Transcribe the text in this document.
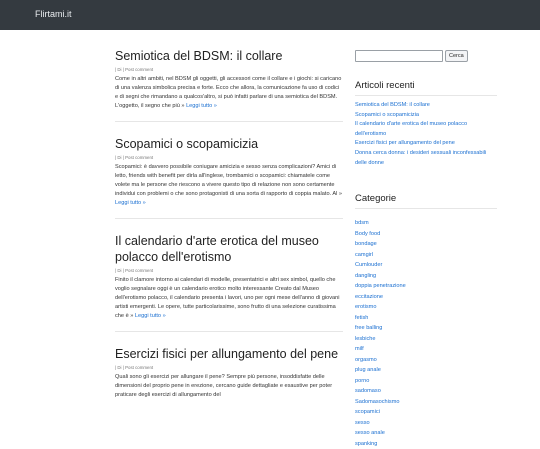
Flirtami.it
Semiotica del BDSM: il collare
| Di | Post comment

Come in altri ambiti, nel BDSM gli oggetti, gli accessori come il collare e i giochi: si caricano di una valenza simbolica precisa e forte. Ecco che allora, la comunicazione fa uso di codici e di segni che rimandano a qualcos'altro, si può infatti parlare di una semiotica del BDSM. L'oggetto, il segno che più » Leggi tutto »

Scopamici o scopamicizia
| Di | Post comment

Scopamici: è davvero possibile coniugare amicizia e sesso senza complicazioni? Amici di letto, friends with benefit per dirla all'inglese, trombamici o scopamici: chiamatele come volete ma le persone che riescono a vivere questo tipo di relazione non sono certamente individui con problemi o che sono protagonisti di una sorta di rapporto di coppia malato. Al » Leggi tutto »

Il calendario d'arte erotica del museo polacco dell'erotismo
| Di | Post comment

Finito il clamore intorno ai calendari di modelle, presentatrici e altri sex simbol, quello che voglio segnalare oggi è un calendario erotico molto interessante Creato dal Museo dell'erotismo polacco, il calendario presenta i lavori, uno per ogni mese dell'anno di giovani artisti emergenti. Le opere, tutte particolarissime, sono frutto di una selezione curatissima che è » Leggi tutto »

Esercizi fisici per allungamento del pene
| Di | Post comment

Quali sono gli esercizi per allungare il pene? Sempre più persone, insoddisfatte delle dimensioni del proprio pene in erezione, cercano guide dettagliate e esaustive per poter praticare degli esercizi di allungamento del

Cerca
Articoli recenti
Semiotica del BDSM: il collare
Scopamici o scopamicizia
Il calendario d'arte erotica del museo polacco dell'erotismo
Esercizi fisici per allungamento del pene
Donna cerca donna: i desideri sessuali inconfessabili delle donne
Categorie
bdsm
Body food
bondage
camgirl
Cumlouder
dangling
doppia penetrazione
eccitazione
erotismo
fetish
free balling
lesbiche
milf
orgasmo
plug anale
porno
sadomaso
Sadomasochismo
scopamici
sesso
sesso anale
spanking
